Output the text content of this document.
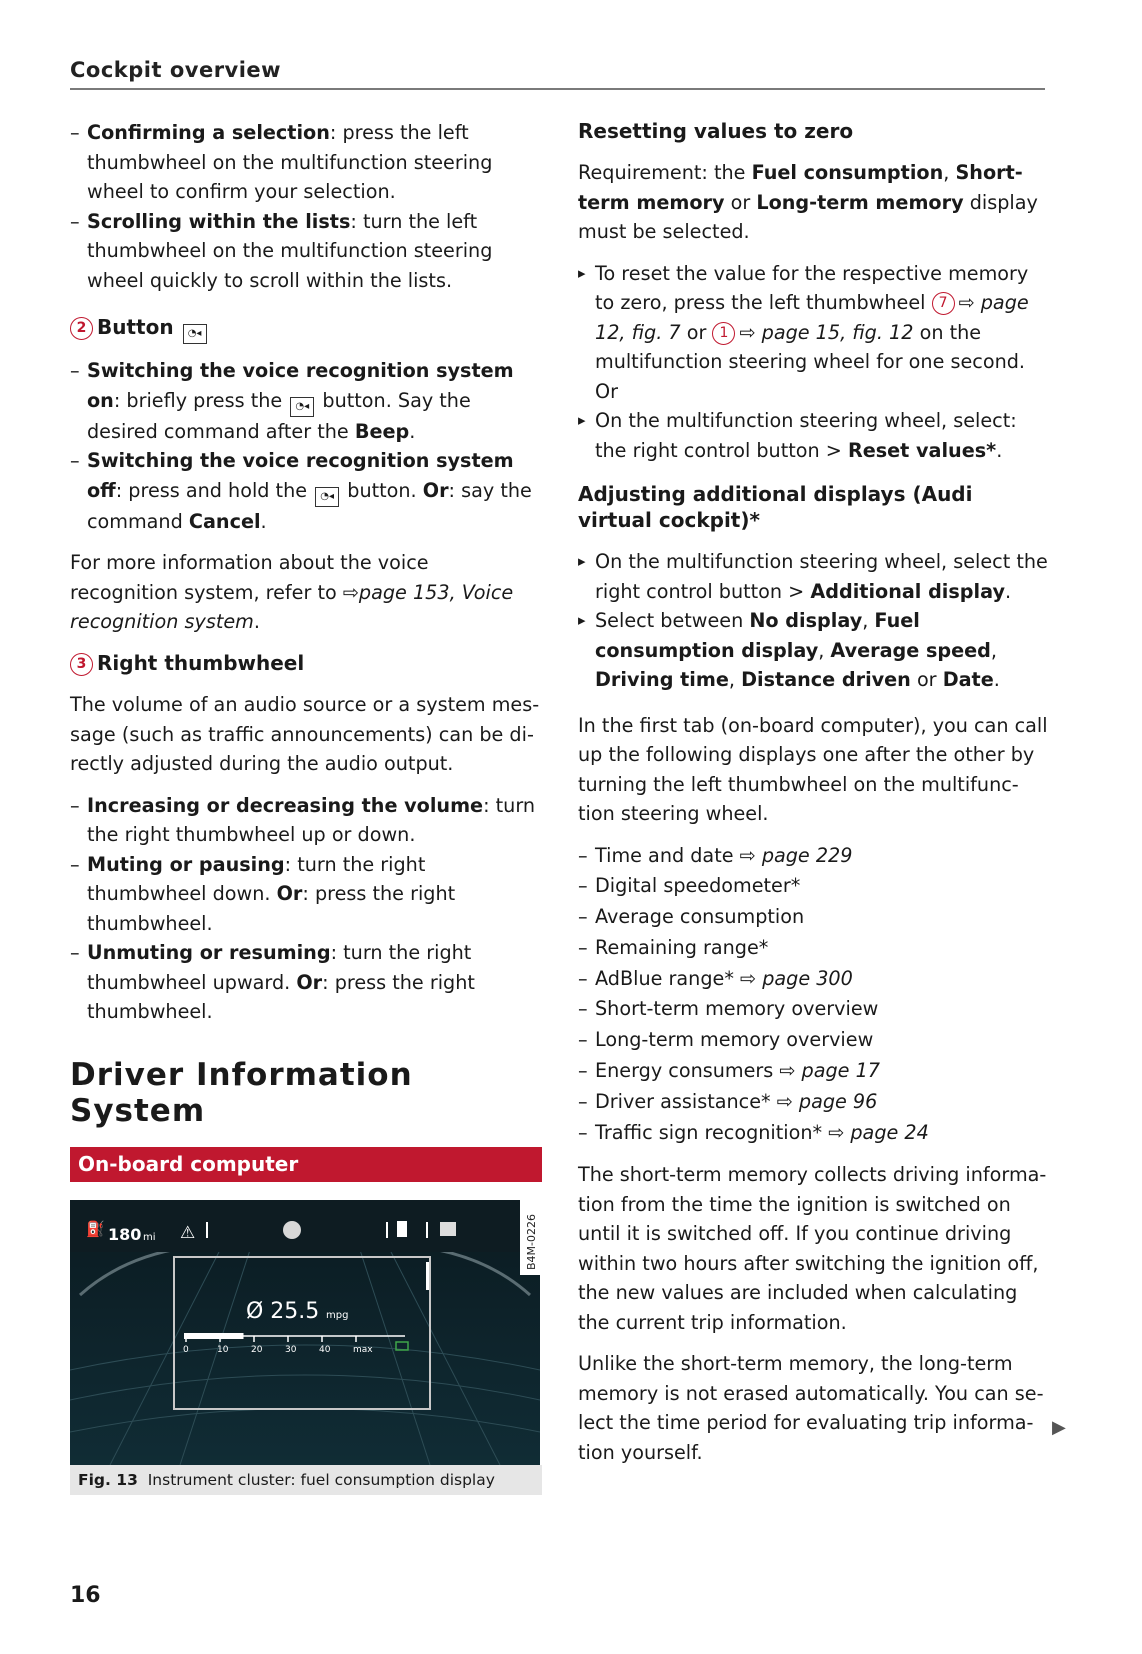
Cockpit overview
– Confirming a selection: press the left thumbwheel on the multifunction steering wheel to confirm your selection.
– Scrolling within the lists: turn the left thumbwheel on the multifunction steering wheel quickly to scroll within the lists.
2 Button ◔◂
– Switching the voice recognition system on: briefly press the ◔◂ button. Say the desired command after the Beep.
– Switching the voice recognition system off: press and hold the ◔◂ button. Or: say the command Cancel.

For more information about the voice recognition system, refer to ⇨page 153, Voice recognition system.

3 Right thumbwheel

The volume of an audio source or a system message (such as traffic announcements) can be directly adjusted during the audio output.

– Increasing or decreasing the volume: turn the right thumbwheel up or down.
– Muting or pausing: turn the right thumbwheel down. Or: press the right thumbwheel.
– Unmuting or resuming: turn the right thumbwheel upward. Or: press the right thumbwheel.
Driver Information System
On-board computer
⛽ 180 mi ⚠	B4M-0226
Ø 25.5 mpg
0	10	20	30	40	max
Fig. 13 Instrument cluster: fuel consumption display
Resetting values to zero

Requirement: the Fuel consumption, Short-term memory or Long-term memory display must be selected.

▸ To reset the value for the respective memory to zero, press the left thumbwheel 7 ⇨ page 12, fig. 7 or 1 ⇨ page 15, fig. 12 on the multifunction steering wheel for one second. Or
▸ On the multifunction steering wheel, select: the right control button > Reset values*.
Adjusting additional displays (Audi virtual cockpit)*
▸ On the multifunction steering wheel, select the right control button > Additional display.
▸ Select between No display, Fuel consumption display, Average speed, Driving time, Distance driven or Date.

In the first tab (on-board computer), you can call up the following displays one after the other by turning the left thumbwheel on the multifunction steering wheel.

– Time and date ⇨ page 229
– Digital speedometer*
– Average consumption
– Remaining range*
– AdBlue range* ⇨ page 300
– Short-term memory overview
– Long-term memory overview
– Energy consumers ⇨ page 17
– Driver assistance* ⇨ page 96
– Traffic sign recognition* ⇨ page 24

The short-term memory collects driving information from the time the ignition is switched on until it is switched off. If you continue driving within two hours after switching the ignition off, the new values are included when calculating the current trip information.

Unlike the short-term memory, the long-term memory is not erased automatically. You can select the time period for evaluating trip information yourself.

▶
16
